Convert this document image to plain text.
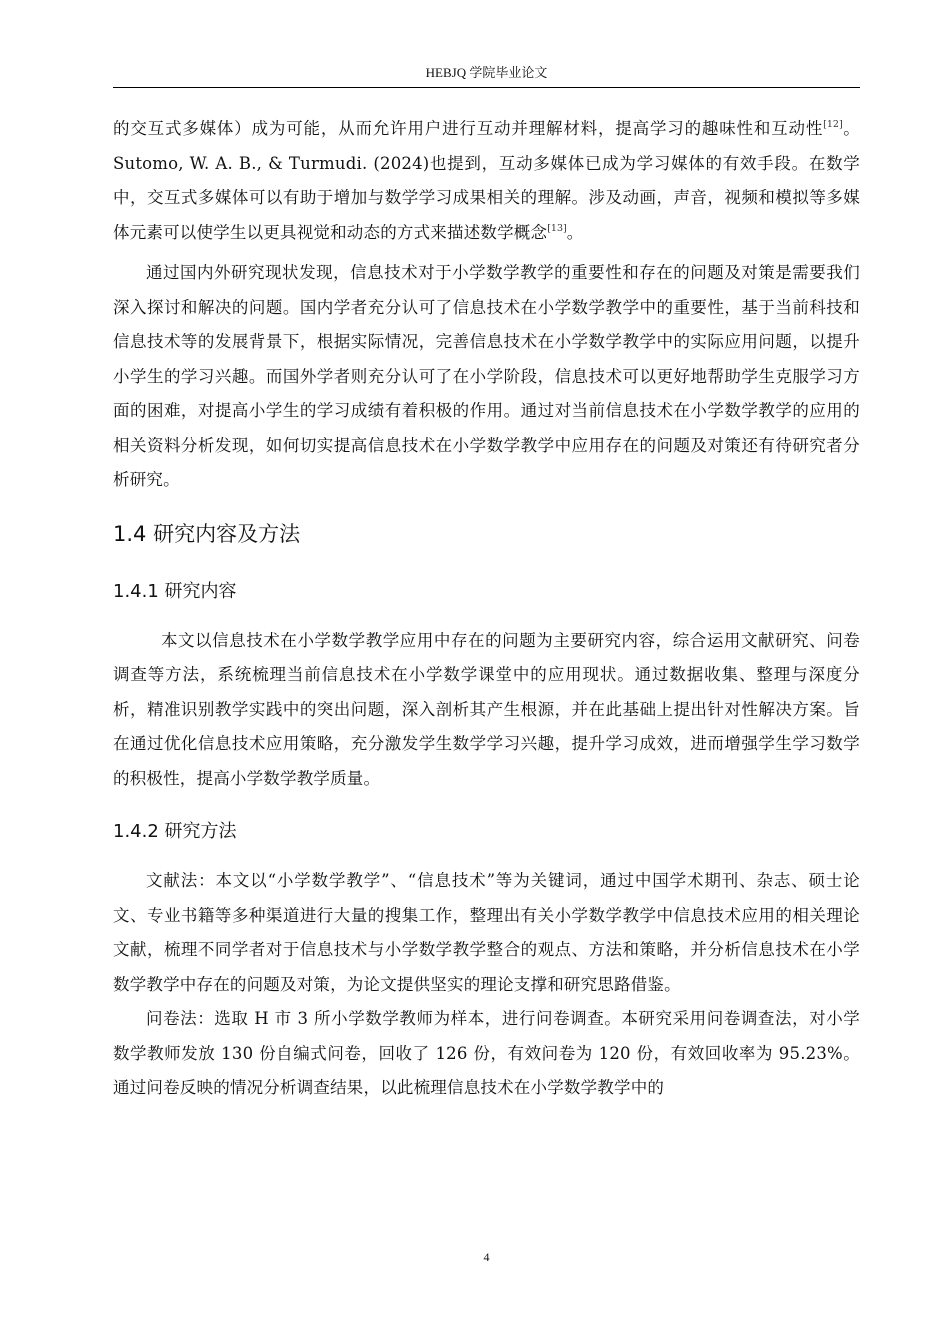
HEBJQ 学院毕业论文

的交互式多媒体）成为可能，从而允许用户进行互动并理解材料，提高学习的趣味性和互动性[12]。Sutomo, W. A. B., & Turmudi. (2024)也提到，互动多媒体已成为学习媒体的有效手段。在数学中，交互式多媒体可以有助于增加与数学学习成果相关的理解。涉及动画，声音，视频和模拟等多媒体元素可以使学生以更具视觉和动态的方式来描述数学概念[13]。

通过国内外研究现状发现，信息技术对于小学数学教学的重要性和存在的问题及对策是需要我们深入探讨和解决的问题。国内学者充分认可了信息技术在小学数学教学中的重要性，基于当前科技和信息技术等的发展背景下，根据实际情况，完善信息技术在小学数学教学中的实际应用问题，以提升小学生的学习兴趣。而国外学者则充分认可了在小学阶段，信息技术可以更好地帮助学生克服学习方面的困难，对提高小学生的学习成绩有着积极的作用。通过对当前信息技术在小学数学教学的应用的相关资料分析发现，如何切实提高信息技术在小学数学教学中应用存在的问题及对策还有待研究者分析研究。

1.4 研究内容及方法
1.4.1 研究内容

本文以信息技术在小学数学教学应用中存在的问题为主要研究内容，综合运用文献研究、问卷调查等方法，系统梳理当前信息技术在小学数学课堂中的应用现状。通过数据收集、整理与深度分析，精准识别教学实践中的突出问题，深入剖析其产生根源，并在此基础上提出针对性解决方案。旨在通过优化信息技术应用策略，充分激发学生数学学习兴趣，提升学习成效，进而增强学生学习数学的积极性，提高小学数学教学质量。

1.4.2 研究方法

文献法：本文以“小学数学教学”、“信息技术”等为关键词，通过中国学术期刊、杂志、硕士论文、专业书籍等多种渠道进行大量的搜集工作，整理出有关小学数学教学中信息技术应用的相关理论文献，梳理不同学者对于信息技术与小学数学教学整合的观点、方法和策略，并分析信息技术在小学数学教学中存在的问题及对策，为论文提供坚实的理论支撑和研究思路借鉴。

问卷法：选取 H 市 3 所小学数学教师为样本，进行问卷调查。本研究采用问卷调查法，对小学数学教师发放 130 份自编式问卷，回收了 126 份，有效问卷为 120 份，有效回收率为 95.23%。通过问卷反映的情况分析调查结果，以此梳理信息技术在小学数学教学中的

4
